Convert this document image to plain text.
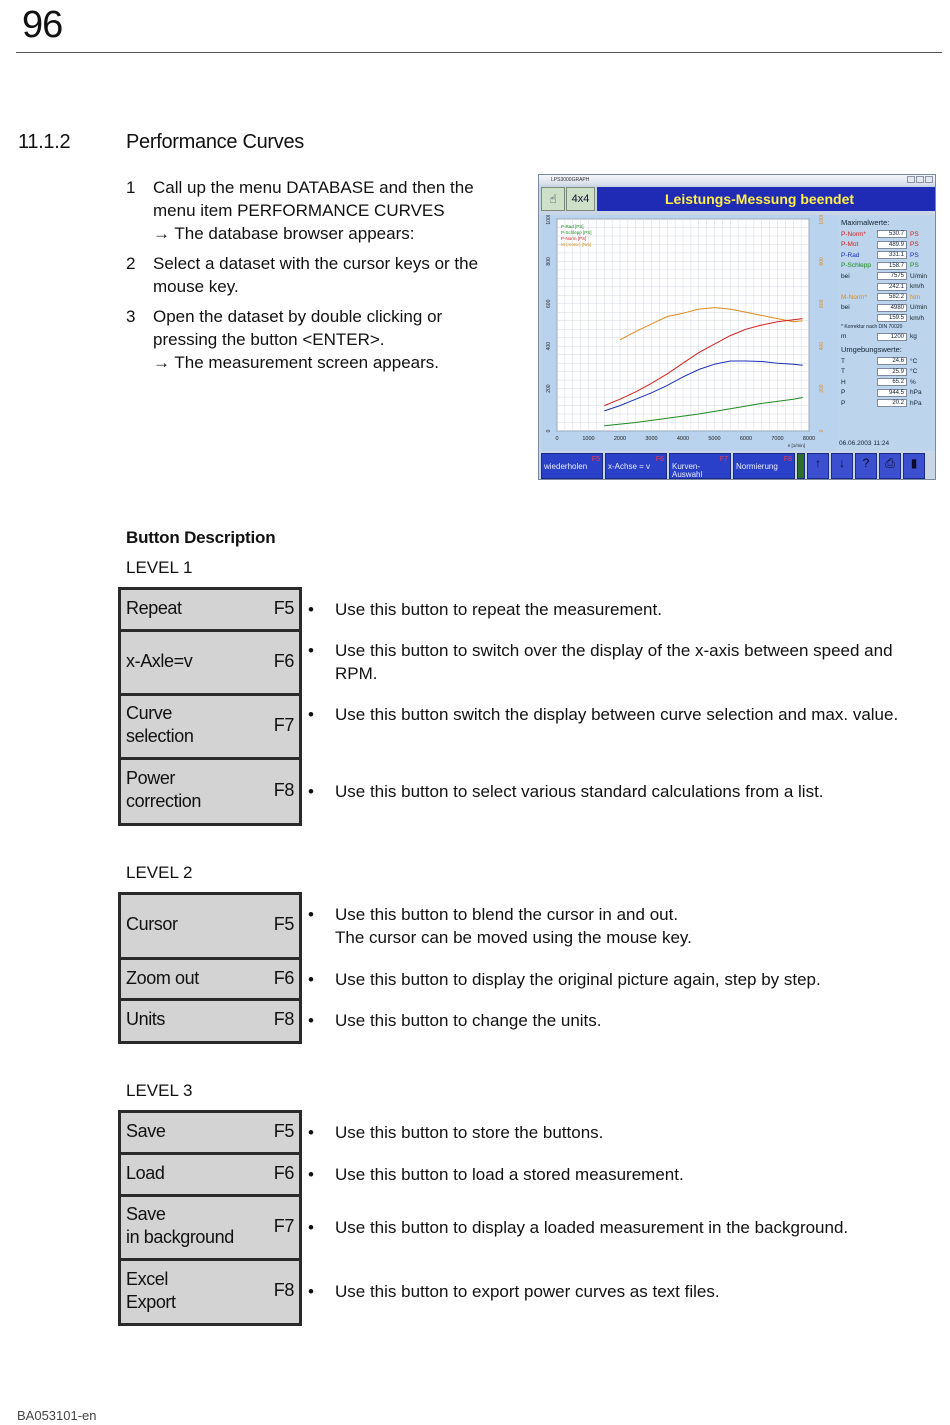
96
11.1.2	Performance Curves
1	Call up the menu DATABASE and then the
menu item PERFORMANCE CURVES
→ The database browser appears:
2	Select a dataset with the cursor keys or the
mouse key.
3	Open the dataset by double clicking or
pressing the button <ENTER>.
→ The measurement screen appears.
LPS3000GRAPH
☝	4x4	Leistungs-Messung beendet
0
200
400
600
800
1000
0	1000	2000	3000	4000	5000	6000	7000	8000
n [1/min]
P-Rad [PS]
P-Schlepp [PS]
P-Norm [PS]
M (motor) [Nm]
0
200
400
600
800
1000	Maximalwerte:
P-Norm*	530.7 PS
P-Mot	489.9 PS
P-Rad	331.1 PS
P-Schlepp	158.7 PS
bei	7575 U/min
242.1 km/h
M-Norm*	582.2 Nm
bei	4980 U/min
159.5 km/h
* Korrektur nach DIN 70020
m	1200 kg
Umgebungswerte:
T	24.6 °C
T	25.9 °C
H	65.2 %
P	944.5 hPa
P	20.2 hPa
06.06.2003 11:24
wiederholen
F5
x-Achse = v
F6
Kurven- Auswahl
F7
Normierung
F8	↑	↓	?	⎙	▮
Button Description
LEVEL 1
Repeat	F5 • Use this button to repeat the measurement.
x-Axle=v	F6 • Use this button to switch over the display of the x-axis between speed and RPM.
Curve
selection
F7 • Use this button switch the display between curve selection and max. value.
Power
correction
F8 • Use this button to select various standard calculations from a list.
LEVEL 2
Cursor	F5 • Use this button to blend the cursor in and out.
The cursor can be moved using the mouse key.
Zoom out	F6 • Use this button to display the original picture again, step by step.
Units	F8 • Use this button to change the units.
LEVEL 3
Save	F5 • Use this button to store the buttons.
Load	F6 • Use this button to load a stored measurement.
Save
in background
F7 • Use this button to display a loaded measurement in the background.
Excel
Export
F8 • Use this button to export power curves as text files.
BA053101-en
